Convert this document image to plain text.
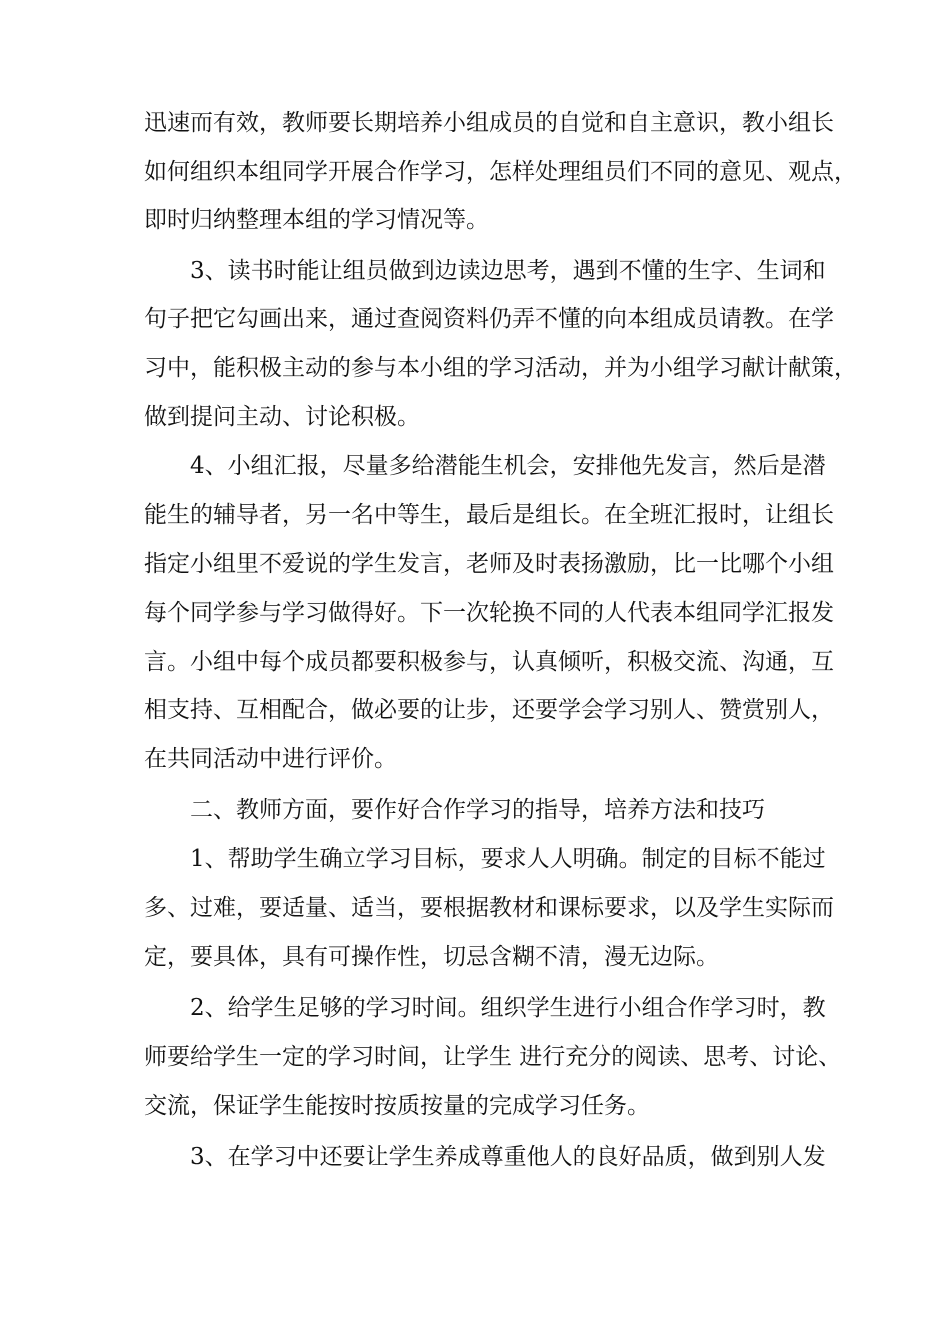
迅速而有效，教师要长期培养小组成员的自觉和自主意识，教小组长
如何组织本组同学开展合作学习，怎样处理组员们不同的意见、观点，
即时归纳整理本组的学习情况等。
3、读书时能让组员做到边读边思考，遇到不懂的生字、生词和
句子把它勾画出来，通过查阅资料仍弄不懂的向本组成员请教。在学
习中，能积极主动的参与本小组的学习活动，并为小组学习献计献策，
做到提问主动、讨论积极。
4、小组汇报，尽量多给潜能生机会，安排他先发言，然后是潜
能生的辅导者，另一名中等生，最后是组长。在全班汇报时，让组长
指定小组里不爱说的学生发言，老师及时表扬激励，比一比哪个小组
每个同学参与学习做得好。下一次轮换不同的人代表本组同学汇报发
言。小组中每个成员都要积极参与，认真倾听，积极交流、沟通，互
相支持、互相配合，做必要的让步，还要学会学习别人、赞赏别人，
在共同活动中进行评价。
二、教师方面，要作好合作学习的指导，培养方法和技巧
1、帮助学生确立学习目标，要求人人明确。制定的目标不能过
多、过难，要适量、适当，要根据教材和课标要求，以及学生实际而
定，要具体，具有可操作性，切忌含糊不清，漫无边际。
2、给学生足够的学习时间。组织学生进行小组合作学习时，教
师要给学生一定的学习时间，让学生 进行充分的阅读、思考、讨论、
交流，保证学生能按时按质按量的完成学习任务。
3、在学习中还要让学生养成尊重他人的良好品质，做到别人发
